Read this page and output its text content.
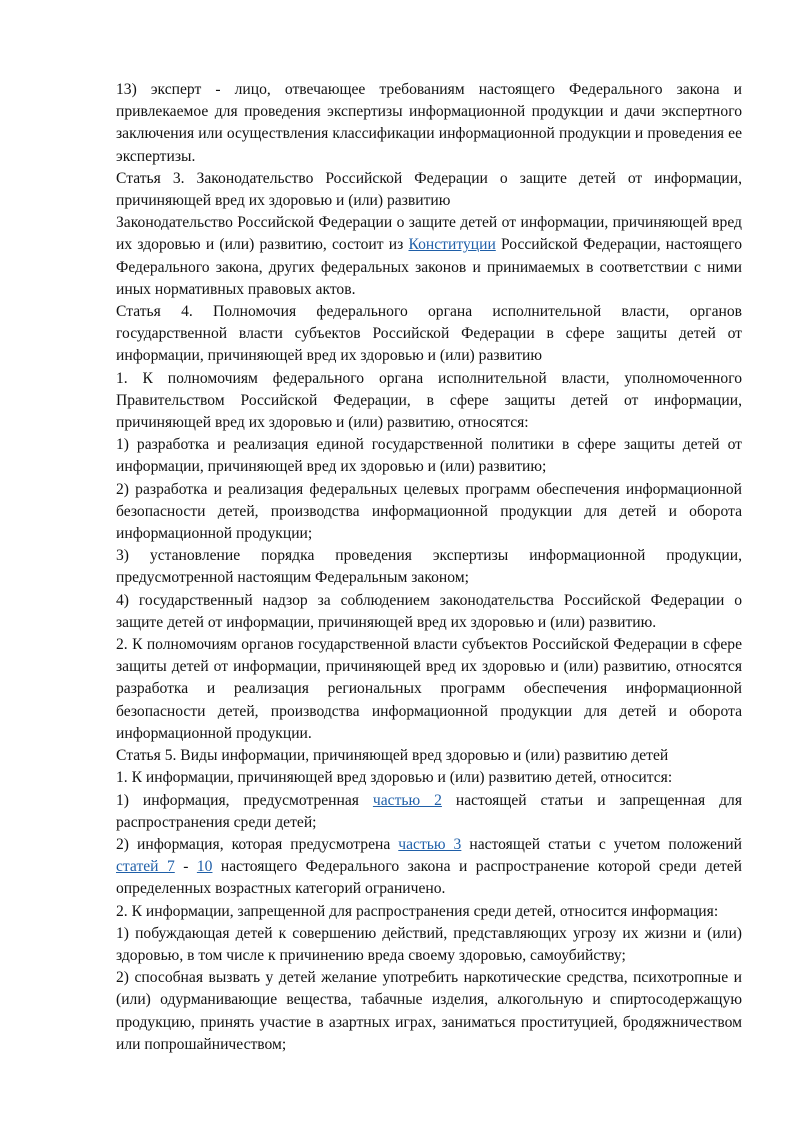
13) эксперт - лицо, отвечающее требованиям настоящего Федерального закона и привлекаемое для проведения экспертизы информационной продукции и дачи экспертного заключения или осуществления классификации информационной продукции и проведения ее экспертизы.

Статья 3. Законодательство Российской Федерации о защите детей от информации, причиняющей вред их здоровью и (или) развитию

Законодательство Российской Федерации о защите детей от информации, причиняющей вред их здоровью и (или) развитию, состоит из Конституции Российской Федерации, настоящего Федерального закона, других федеральных законов и принимаемых в соответствии с ними иных нормативных правовых актов.

Статья 4. Полномочия федерального органа исполнительной власти, органов государственной власти субъектов Российской Федерации в сфере защиты детей от информации, причиняющей вред их здоровью и (или) развитию

1. К полномочиям федерального органа исполнительной власти, уполномоченного Правительством Российской Федерации, в сфере защиты детей от информации, причиняющей вред их здоровью и (или) развитию, относятся:

1) разработка и реализация единой государственной политики в сфере защиты детей от информации, причиняющей вред их здоровью и (или) развитию;

2) разработка и реализация федеральных целевых программ обеспечения информационной безопасности детей, производства информационной продукции для детей и оборота информационной продукции;

3) установление порядка проведения экспертизы информационной продукции, предусмотренной настоящим Федеральным законом;

4) государственный надзор за соблюдением законодательства Российской Федерации о защите детей от информации, причиняющей вред их здоровью и (или) развитию.

2. К полномочиям органов государственной власти субъектов Российской Федерации в сфере защиты детей от информации, причиняющей вред их здоровью и (или) развитию, относятся разработка и реализация региональных программ обеспечения информационной безопасности детей, производства информационной продукции для детей и оборота информационной продукции.

Статья 5. Виды информации, причиняющей вред здоровью и (или) развитию детей

1. К информации, причиняющей вред здоровью и (или) развитию детей, относится:

1) информация, предусмотренная частью 2 настоящей статьи и запрещенная для распространения среди детей;

2) информация, которая предусмотрена частью 3 настоящей статьи с учетом положений статей 7 - 10 настоящего Федерального закона и распространение которой среди детей определенных возрастных категорий ограничено.

2. К информации, запрещенной для распространения среди детей, относится информация:

1) побуждающая детей к совершению действий, представляющих угрозу их жизни и (или) здоровью, в том числе к причинению вреда своему здоровью, самоубийству;

2) способная вызвать у детей желание употребить наркотические средства, психотропные и (или) одурманивающие вещества, табачные изделия, алкогольную и спиртосодержащую продукцию, принять участие в азартных играх, заниматься проституцией, бродяжничеством или попрошайничеством;
